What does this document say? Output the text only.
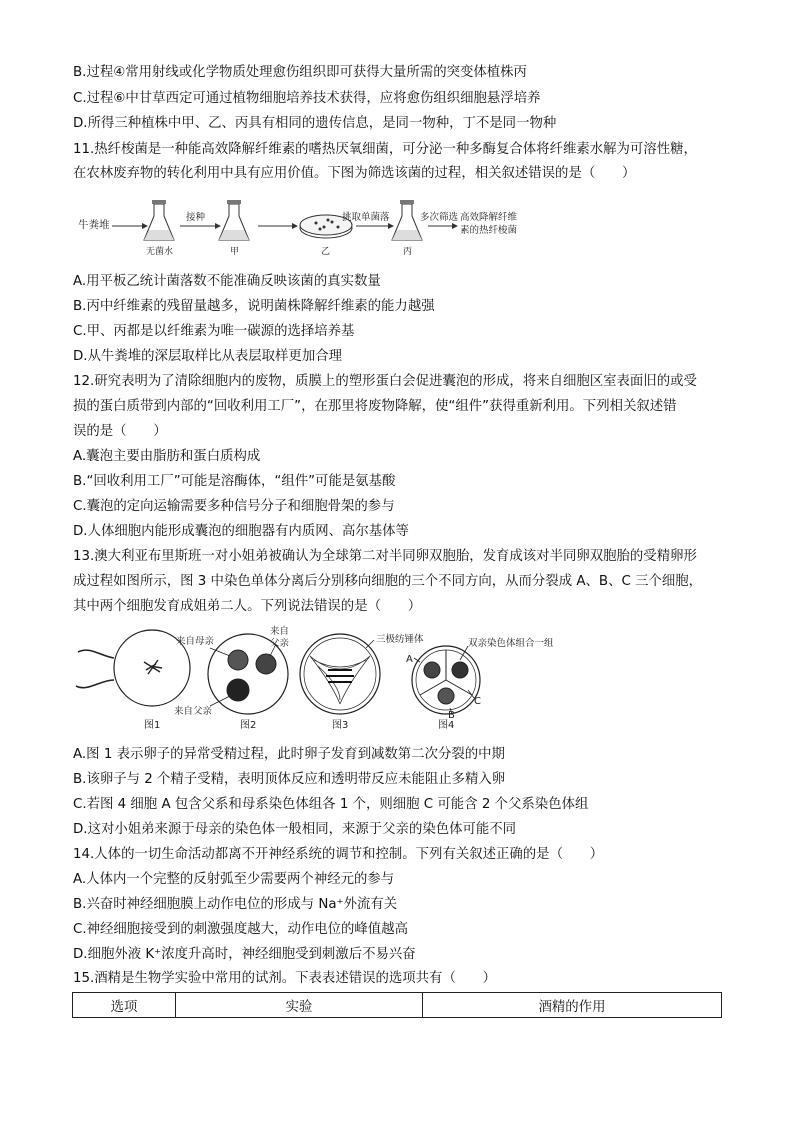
B.过程④常用射线或化学物质处理愈伤组织即可获得大量所需的突变体植株丙
C.过程⑥中甘草西定可通过植物细胞培养技术获得，应将愈伤组织细胞悬浮培养
D.所得三种植株中甲、乙、丙具有相同的遗传信息，是同一物种，丁不是同一物种
11.热纤梭菌是一种能高效降解纤维素的嗜热厌氧细菌，可分泌一种多酶复合体将纤维素水解为可溶性糖，
在农林废弃物的转化利用中具有应用价值。下图为筛选该菌的过程，相关叙述错误的是（　　）
牛粪堆
无菌水
接种
甲	乙
挑取单菌落
丙
多次筛选 高效降解纤维
素的热纤梭菌
A.用平板乙统计菌落数不能准确反映该菌的真实数量
B.丙中纤维素的残留量越多，说明菌株降解纤维素的能力越强
C.甲、丙都是以纤维素为唯一碳源的选择培养基
D.从牛粪堆的深层取样比从表层取样更加合理
12.研究表明为了清除细胞内的废物，质膜上的塑形蛋白会促进囊泡的形成，将来自细胞区室表面旧的或受
损的蛋白质带到内部的“回收利用工厂”，在那里将废物降解，使“组件”获得重新利用。下列相关叙述错
误的是（　　）
A.囊泡主要由脂肪和蛋白质构成
B.“回收利用工厂”可能是溶酶体，“组件”可能是氨基酸
C.囊泡的定向运输需要多种信号分子和细胞骨架的参与
D.人体细胞内能形成囊泡的细胞器有内质网、高尔基体等
13.澳大利亚布里斯班一对小姐弟被确认为全球第二对半同卵双胞胎，发育成该对半同卵双胞胎的受精卵形
成过程如图所示，图 3 中染色单体分离后分别移向细胞的三个不同方向，从而分裂成 A、B、C 三个细胞，
其中两个细胞发育成姐弟二人。下列说法错误的是（　　）
图1
来自母亲
来自
父亲
来自父亲
图2
三极纺锤体
图3
双亲染色体组合一组
A
C
B
图4
A.图 1 表示卵子的异常受精过程，此时卵子发育到减数第二次分裂的中期
B.该卵子与 2 个精子受精，表明顶体反应和透明带反应未能阻止多精入卵
C.若图 4 细胞 A 包含父系和母系染色体组各 1 个，则细胞 C 可能含 2 个父系染色体组
D.这对小姐弟来源于母亲的染色体一般相同，来源于父亲的染色体可能不同
14.人体的一切生命活动都离不开神经系统的调节和控制。下列有关叙述正确的是（　　）
A.人体内一个完整的反射弧至少需要两个神经元的参与
B.兴奋时神经细胞膜上动作电位的形成与 Na⁺外流有关
C.神经细胞接受到的刺激强度越大，动作电位的峰值越高
D.细胞外液 K⁺浓度升高时，神经细胞受到刺激后不易兴奋
15.酒精是生物学实验中常用的试剂。下表表述错误的选项共有（　　）
选项	实验	酒精的作用
